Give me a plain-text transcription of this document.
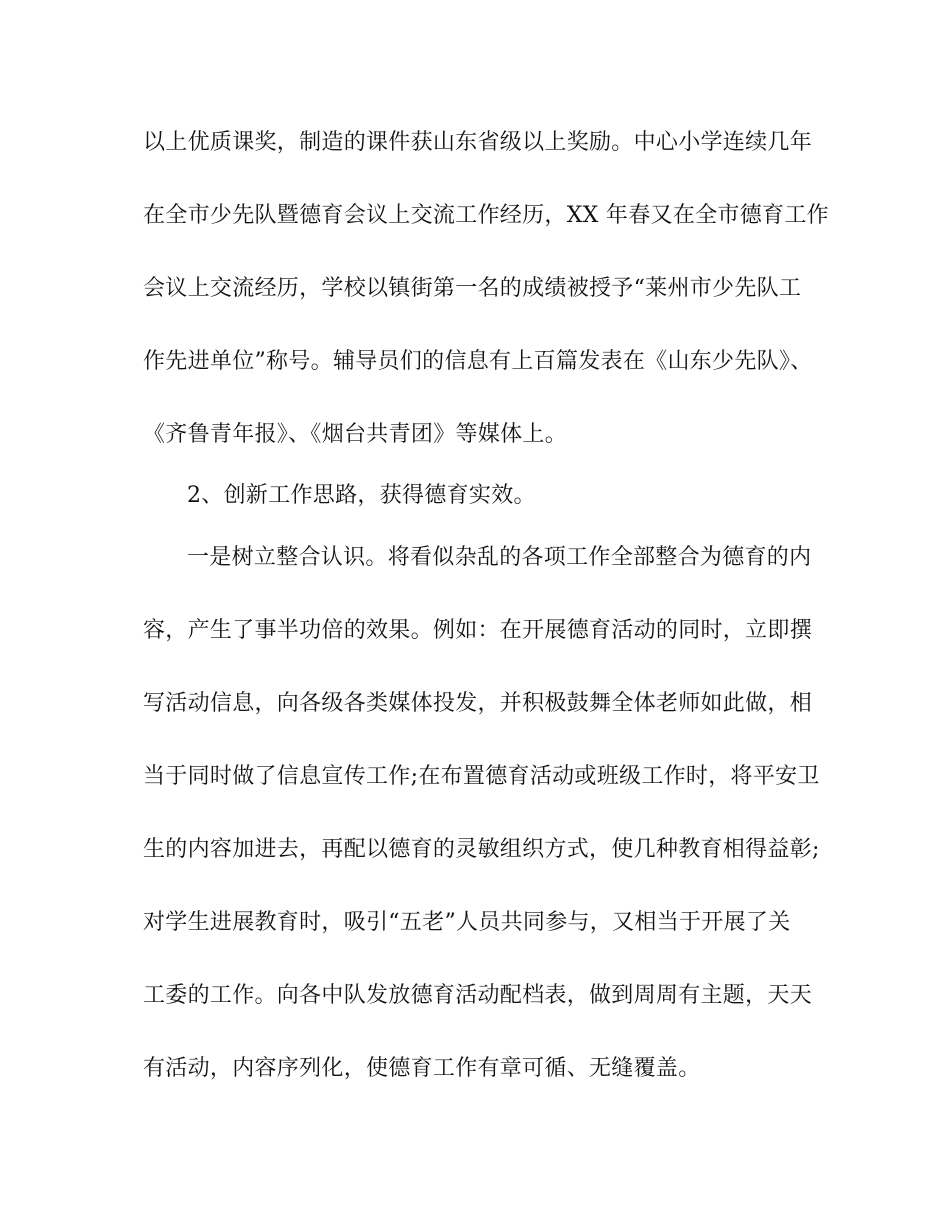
以上优质课奖，制造的课件获山东省级以上奖励。中心小学连续几年
在全市少先队暨德育会议上交流工作经历，XX 年春又在全市德育工作
会议上交流经历，学校以镇街第一名的成绩被授予“莱州市少先队工
作先进单位”称号。辅导员们的信息有上百篇发表在《山东少先队》、
《齐鲁青年报》、《烟台共青团》等媒体上。
2、创新工作思路，获得德育实效。
一是树立整合认识。将看似杂乱的各项工作全部整合为德育的内
容，产生了事半功倍的效果。例如：在开展德育活动的同时，立即撰
写活动信息，向各级各类媒体投发，并积极鼓舞全体老师如此做，相
当于同时做了信息宣传工作;在布置德育活动或班级工作时，将平安卫
生的内容加进去，再配以德育的灵敏组织方式，使几种教育相得益彰;
对学生进展教育时，吸引“五老”人员共同参与，又相当于开展了关
工委的工作。向各中队发放德育活动配档表，做到周周有主题，天天
有活动，内容序列化，使德育工作有章可循、无缝覆盖。
